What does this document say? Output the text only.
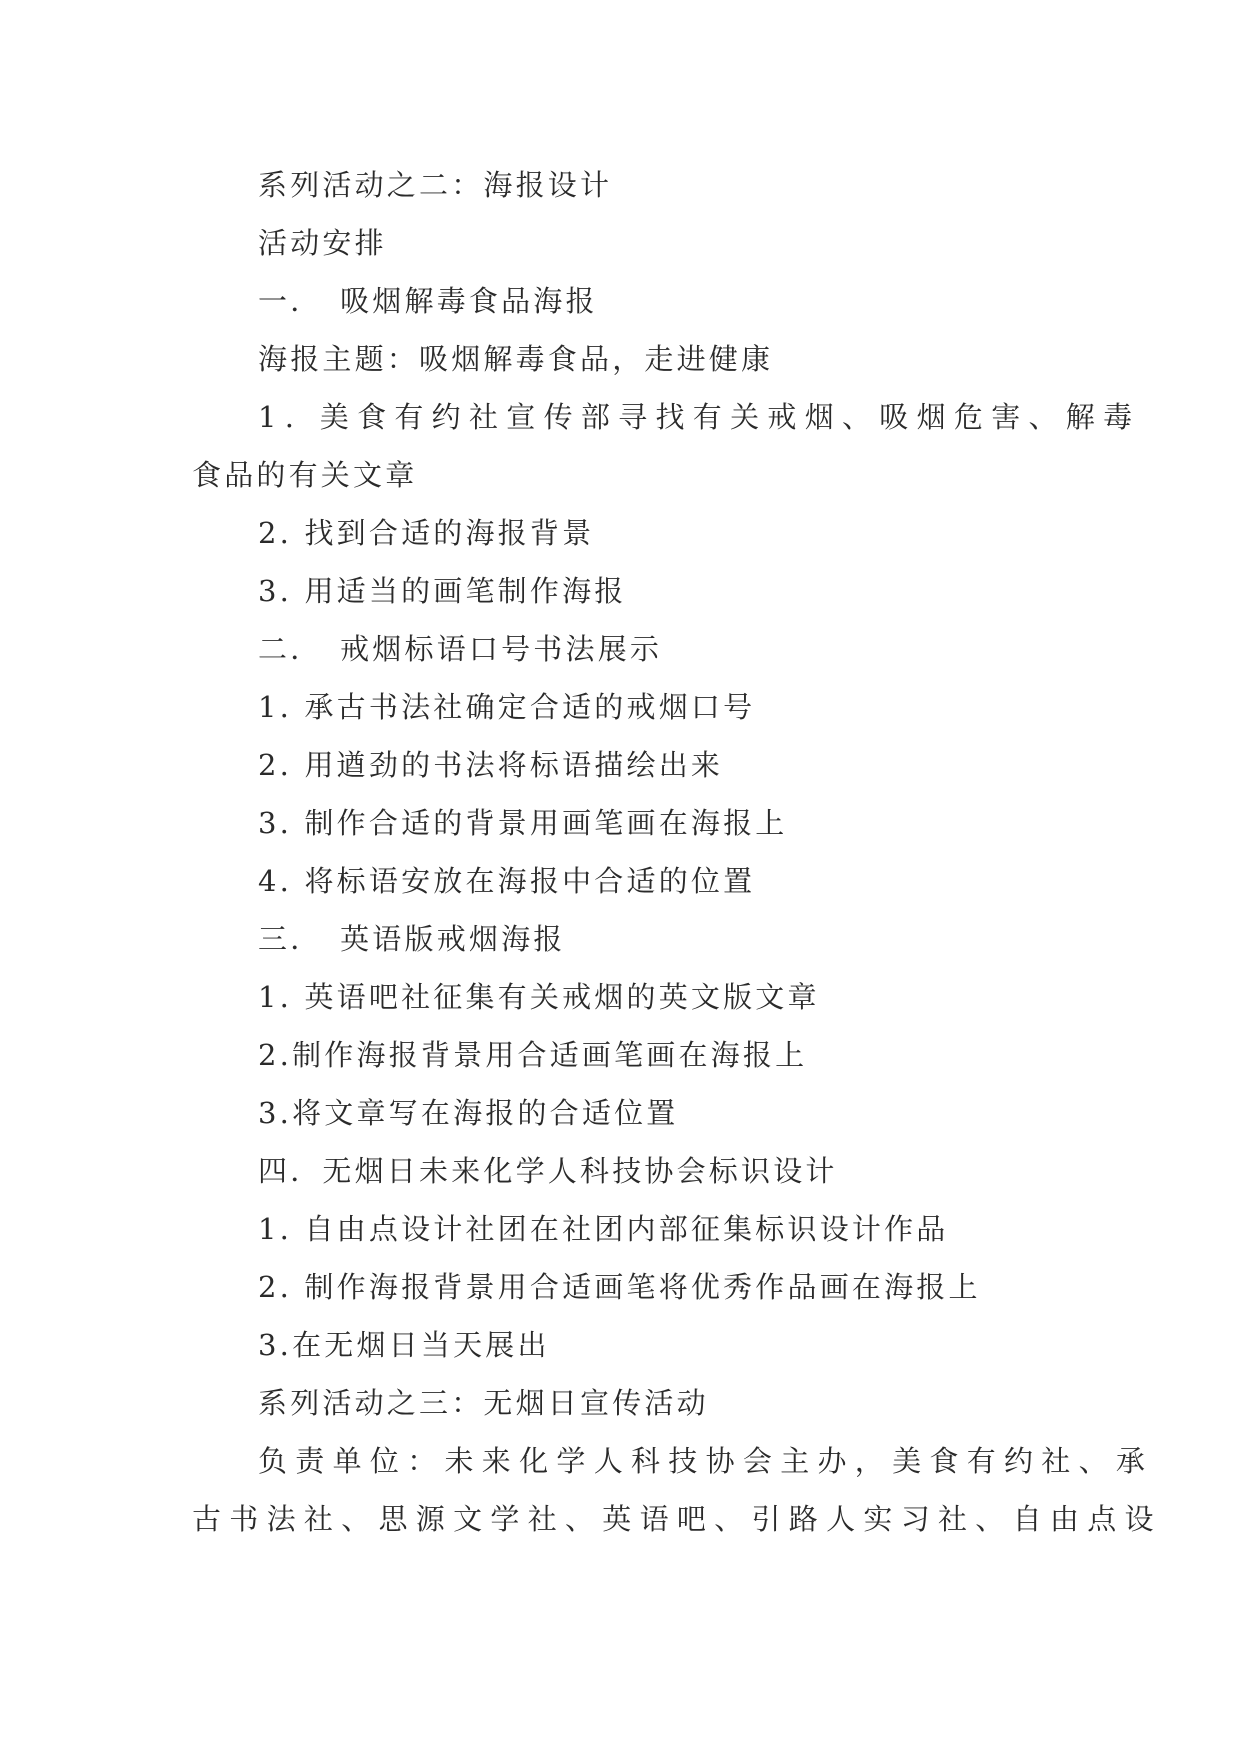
系列活动之二：海报设计
活动安排
一．　吸烟解毒食品海报
海报主题：吸烟解毒食品，走进健康
1. 美食有约社宣传部寻找有关戒烟、吸烟危害、解毒
食品的有关文章
2. 找到合适的海报背景
3. 用适当的画笔制作海报
二．　戒烟标语口号书法展示
1. 承古书法社确定合适的戒烟口号
2. 用遒劲的书法将标语描绘出来
3. 制作合适的背景用画笔画在海报上
4. 将标语安放在海报中合适的位置
三．　英语版戒烟海报
1. 英语吧社征集有关戒烟的英文版文章
2.制作海报背景用合适画笔画在海报上
3.将文章写在海报的合适位置
四．无烟日未来化学人科技协会标识设计
1. 自由点设计社团在社团内部征集标识设计作品
2. 制作海报背景用合适画笔将优秀作品画在海报上
3.在无烟日当天展出
系列活动之三：无烟日宣传活动
负责单位：未来化学人科技协会主办，美食有约社、承
古书法社、思源文学社、英语吧、引路人实习社、自由点设
